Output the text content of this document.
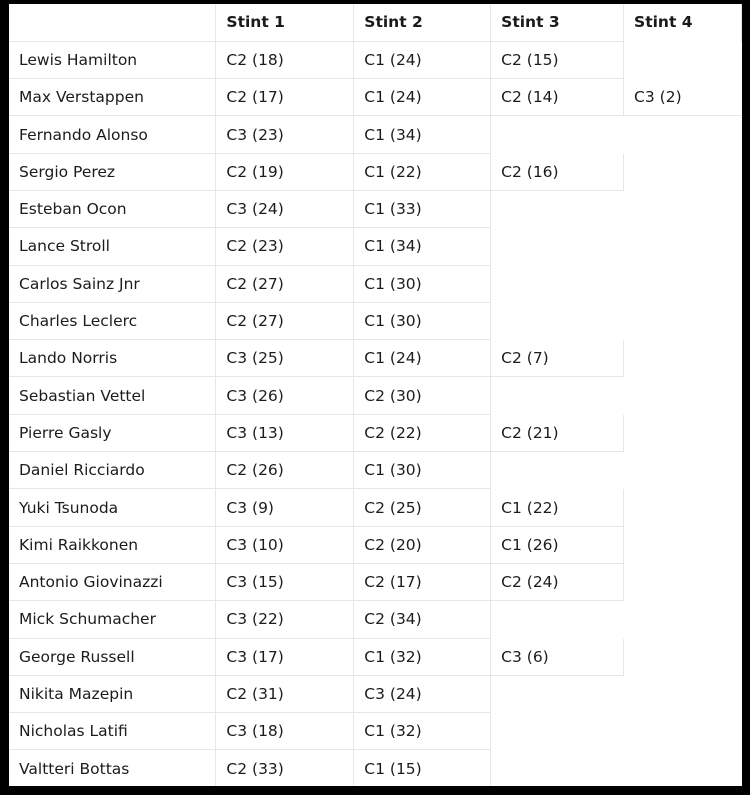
	Stint 1	Stint 2	Stint 3	Stint 4
Lewis Hamilton	C2 (18)	C1 (24)	C2 (15)	
Max Verstappen	C2 (17)	C1 (24)	C2 (14)	C3 (2)
Fernando Alonso	C3 (23)	C1 (34)		
Sergio Perez	C2 (19)	C1 (22)	C2 (16)	
Esteban Ocon	C3 (24)	C1 (33)		
Lance Stroll	C2 (23)	C1 (34)		
Carlos Sainz Jnr	C2 (27)	C1 (30)		
Charles Leclerc	C2 (27)	C1 (30)		
Lando Norris	C3 (25)	C1 (24)	C2 (7)	
Sebastian Vettel	C3 (26)	C2 (30)		
Pierre Gasly	C3 (13)	C2 (22)	C2 (21)	
Daniel Ricciardo	C2 (26)	C1 (30)		
Yuki Tsunoda	C3 (9)	C2 (25)	C1 (22)	
Kimi Raikkonen	C3 (10)	C2 (20)	C1 (26)	
Antonio Giovinazzi	C3 (15)	C2 (17)	C2 (24)	
Mick Schumacher	C3 (22)	C2 (34)		
George Russell	C3 (17)	C1 (32)	C3 (6)	
Nikita Mazepin	C2 (31)	C3 (24)		
Nicholas Latifi	C3 (18)	C1 (32)		
Valtteri Bottas	C2 (33)	C1 (15)		
